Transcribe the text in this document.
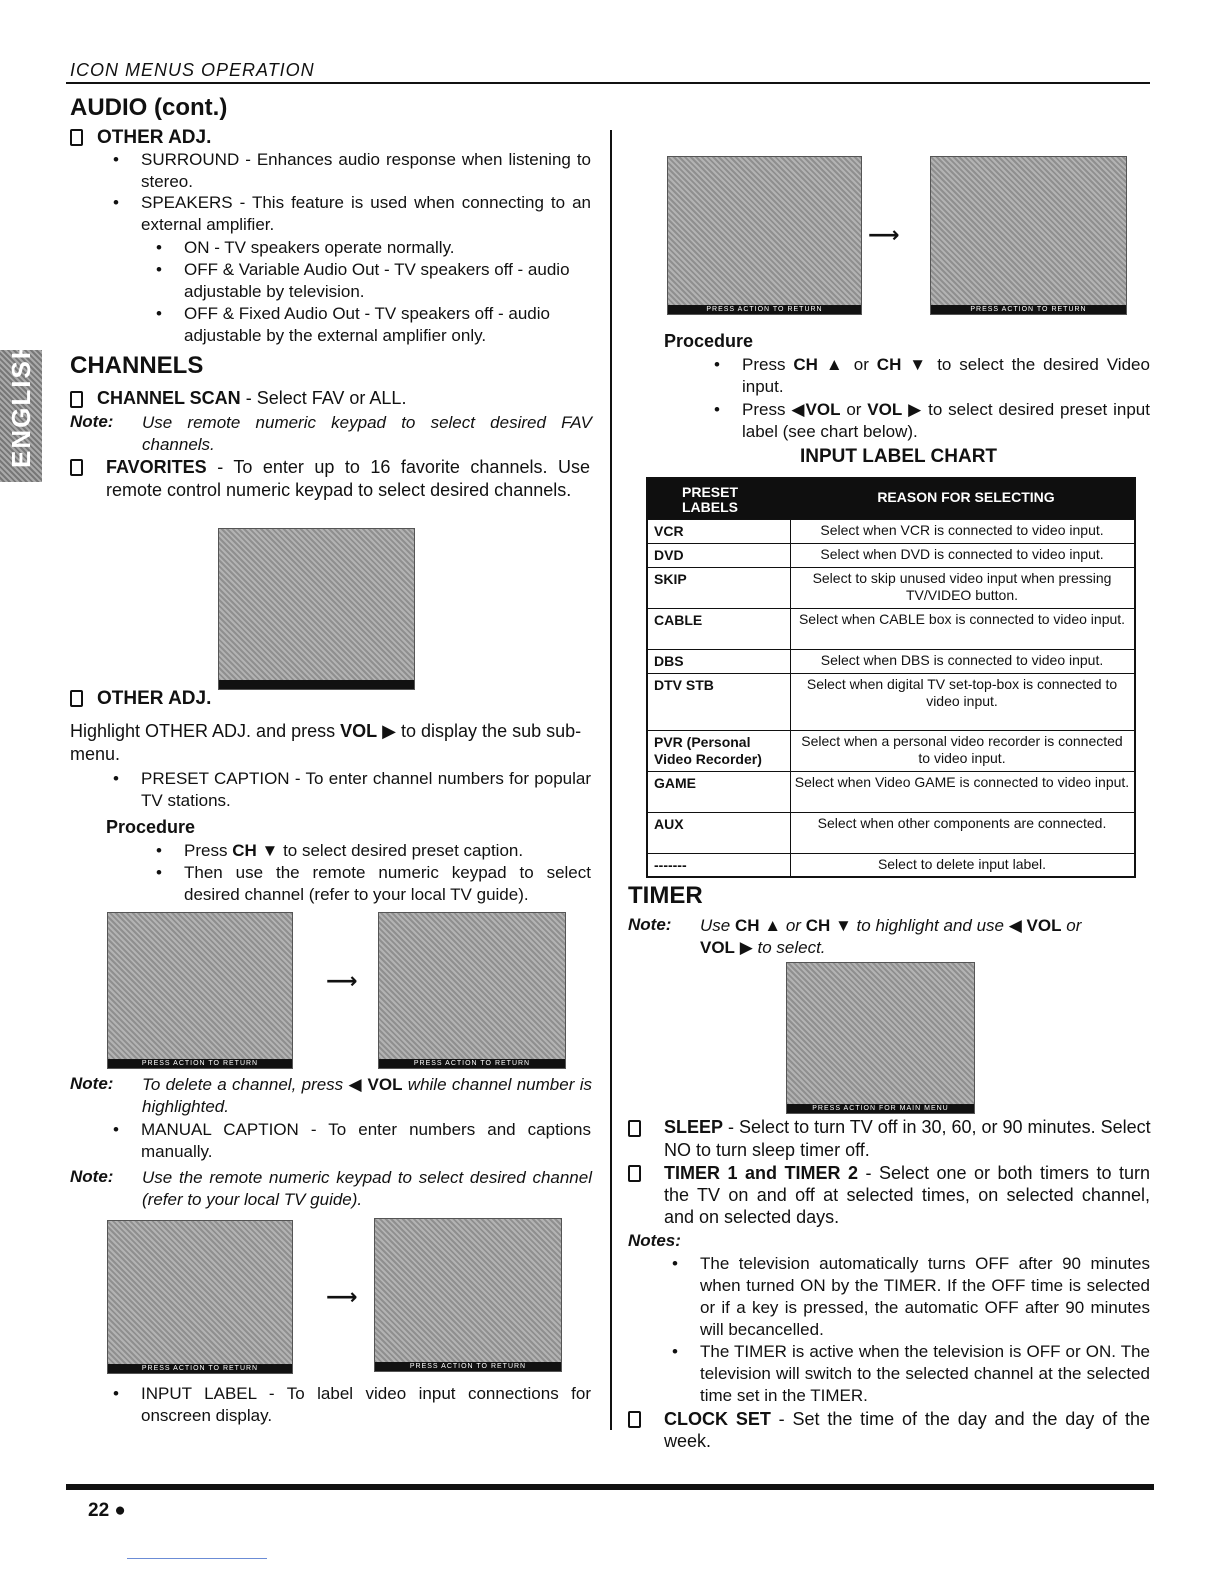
ICON MENUS OPERATION
ENGLISH
AUDIO (cont.)
OTHER ADJ.
• SURROUND - Enhances audio response when listening to stereo.
• SPEAKERS - This feature is used when connecting to an external amplifier.
• ON - TV speakers operate normally.
• OFF & Variable Audio Out - TV speakers off - audio adjustable by television.
• OFF & Fixed Audio Out - TV speakers off - audio adjustable by the external amplifier only.
CHANNELS
CHANNEL SCAN - Select FAV or ALL.
Note: Use remote numeric keypad to select desired FAV channels.
FAVORITES - To enter up to 16 favorite channels. Use remote control numeric keypad to select desired channels.
OTHER ADJ.
Highlight OTHER ADJ. and press VOL ▶ to display the sub sub-menu.
• PRESET CAPTION - To enter channel numbers for popular TV stations.
Procedure
• Press CH ▼ to select desired preset caption.
• Then use the remote numeric keypad to select desired channel (refer to your local TV guide).
PRESS ACTION TO RETURN
⟶
PRESS ACTION TO RETURN
Note: To delete a channel, press ◀ VOL while channel number is highlighted.
• MANUAL CAPTION - To enter numbers and captions manually.
Note: Use the remote numeric keypad to select desired channel (refer to your local TV guide).
PRESS ACTION TO RETURN
⟶
PRESS ACTION TO RETURN
• INPUT LABEL - To label video input connections for onscreen display.
PRESS ACTION TO RETURN
⟶
PRESS ACTION TO RETURN
Procedure
• Press CH ▲ or CH ▼ to select the desired Video input.
• Press ◀VOL or VOL ▶ to select desired preset input label (see chart below).
INPUT LABEL CHART
PRESET LABELS
REASON FOR SELECTING
VCR	Select when VCR is connected to video input.
DVD	Select when DVD is connected to video input.
SKIP	Select to skip unused video input when pressing TV/VIDEO button.
CABLE	Select when CABLE box is connected to video input.
DBS	Select when DBS is connected to video input.
DTV STB	Select when digital TV set-top-box is connected to video input.
PVR (Personal Video Recorder)
Select when a personal video recorder is connected to video input.
GAME	Select when Video GAME is connected to video input.
AUX	Select when other components are connected.
-------	Select to delete input label.
TIMER
Note: Use CH ▲ or CH ▼ to highlight and use ◀ VOL or
VOL ▶ to select.
PRESS ACTION FOR MAIN MENU
SLEEP - Select to turn TV off in 30, 60, or 90 minutes. Select NO to turn sleep timer off.
TIMER 1 and TIMER 2 - Select one or both timers to turn the TV on and off at selected times, on selected channel, and on selected days.
Notes:
• The television automatically turns OFF after 90 minutes when turned ON by the TIMER. If the OFF time is selected or if a key is pressed, the automatic OFF after 90 minutes will becancelled.
• The TIMER is active when the television is OFF or ON. The television will switch to the selected channel at the selected time set in the TIMER.
CLOCK SET - Set the time of the day and the day of the week.
22 ●
